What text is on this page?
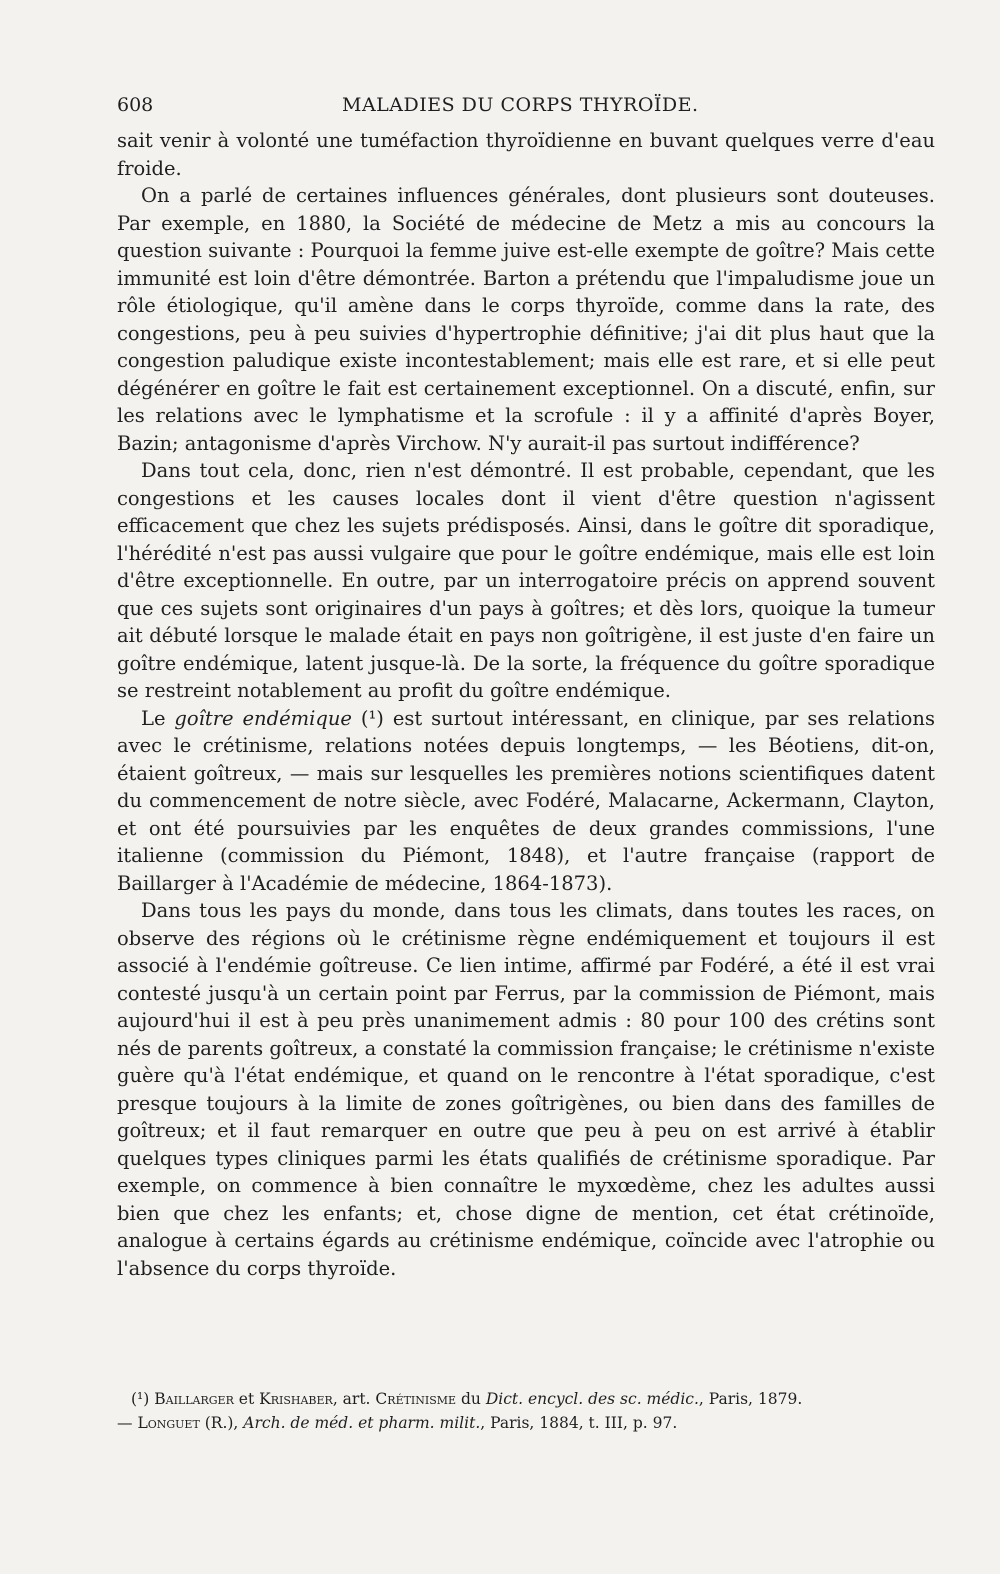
608	MALADIES DU CORPS THYROÏDE.

sait venir à volonté une tuméfaction thyroïdienne en buvant quelques verre d'eau froide.

On a parlé de certaines influences générales, dont plusieurs sont douteuses. Par exemple, en 1880, la Société de médecine de Metz a mis au concours la question suivante : Pourquoi la femme juive est-elle exempte de goître? Mais cette immunité est loin d'être démontrée. Barton a prétendu que l'impaludisme joue un rôle étiologique, qu'il amène dans le corps thyroïde, comme dans la rate, des congestions, peu à peu suivies d'hypertrophie définitive; j'ai dit plus haut que la congestion paludique existe incontestablement; mais elle est rare, et si elle peut dégénérer en goître le fait est certainement exceptionnel. On a discuté, enfin, sur les relations avec le lymphatisme et la scrofule : il y a affinité d'après Boyer, Bazin; antagonisme d'après Virchow. N'y aurait-il pas surtout indifférence?

Dans tout cela, donc, rien n'est démontré. Il est probable, cependant, que les congestions et les causes locales dont il vient d'être question n'agissent efficacement que chez les sujets prédisposés. Ainsi, dans le goître dit sporadique, l'hérédité n'est pas aussi vulgaire que pour le goître endémique, mais elle est loin d'être exceptionnelle. En outre, par un interrogatoire précis on apprend souvent que ces sujets sont originaires d'un pays à goîtres; et dès lors, quoique la tumeur ait débuté lorsque le malade était en pays non goîtrigène, il est juste d'en faire un goître endémique, latent jusque-là. De la sorte, la fréquence du goître sporadique se restreint notablement au profit du goître endémique.

Le goître endémique (¹) est surtout intéressant, en clinique, par ses relations avec le crétinisme, relations notées depuis longtemps, — les Béotiens, dit-on, étaient goîtreux, — mais sur lesquelles les premières notions scientifiques datent du commencement de notre siècle, avec Fodéré, Malacarne, Ackermann, Clayton, et ont été poursuivies par les enquêtes de deux grandes commissions, l'une italienne (commission du Piémont, 1848), et l'autre française (rapport de Baillarger à l'Académie de médecine, 1864-1873).

Dans tous les pays du monde, dans tous les climats, dans toutes les races, on observe des régions où le crétinisme règne endémiquement et toujours il est associé à l'endémie goîtreuse. Ce lien intime, affirmé par Fodéré, a été il est vrai contesté jusqu'à un certain point par Ferrus, par la commission de Piémont, mais aujourd'hui il est à peu près unanimement admis : 80 pour 100 des crétins sont nés de parents goîtreux, a constaté la commission française; le crétinisme n'existe guère qu'à l'état endémique, et quand on le rencontre à l'état sporadique, c'est presque toujours à la limite de zones goîtrigènes, ou bien dans des familles de goîtreux; et il faut remarquer en outre que peu à peu on est arrivé à établir quelques types cliniques parmi les états qualifiés de crétinisme sporadique. Par exemple, on commence à bien connaître le myxœdème, chez les adultes aussi bien que chez les enfants; et, chose digne de mention, cet état crétinoïde, analogue à certains égards au crétinisme endémique, coïncide avec l'atrophie ou l'absence du corps thyroïde.

(¹) Baillarger et Krishaber, art. Crétinisme du Dict. encycl. des sc. médic., Paris, 1879.
— Longuet (R.), Arch. de méd. et pharm. milit., Paris, 1884, t. III, p. 97.
